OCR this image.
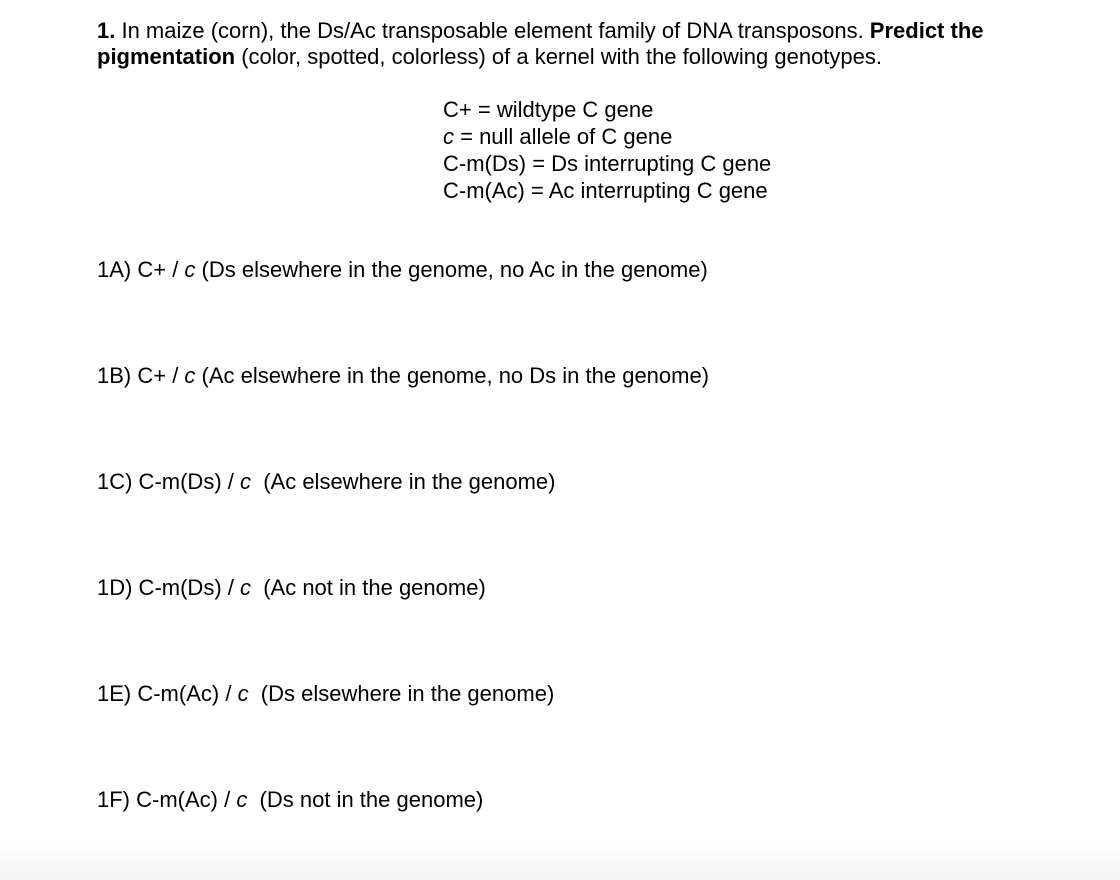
1. In maize (corn), the Ds/Ac transposable element family of DNA transposons. Predict the pigmentation (color, spotted, colorless) of a kernel with the following genotypes.

C+ = wildtype C gene
c = null allele of C gene
C-m(Ds) = Ds interrupting C gene
C-m(Ac) = Ac interrupting C gene

1A) C+ / c (Ds elsewhere in the genome, no Ac in the genome)

1B) C+ / c (Ac elsewhere in the genome, no Ds in the genome)

1C) C-m(Ds) / c  (Ac elsewhere in the genome)

1D) C-m(Ds) / c  (Ac not in the genome)

1E) C-m(Ac) / c  (Ds elsewhere in the genome)

1F) C-m(Ac) / c  (Ds not in the genome)
